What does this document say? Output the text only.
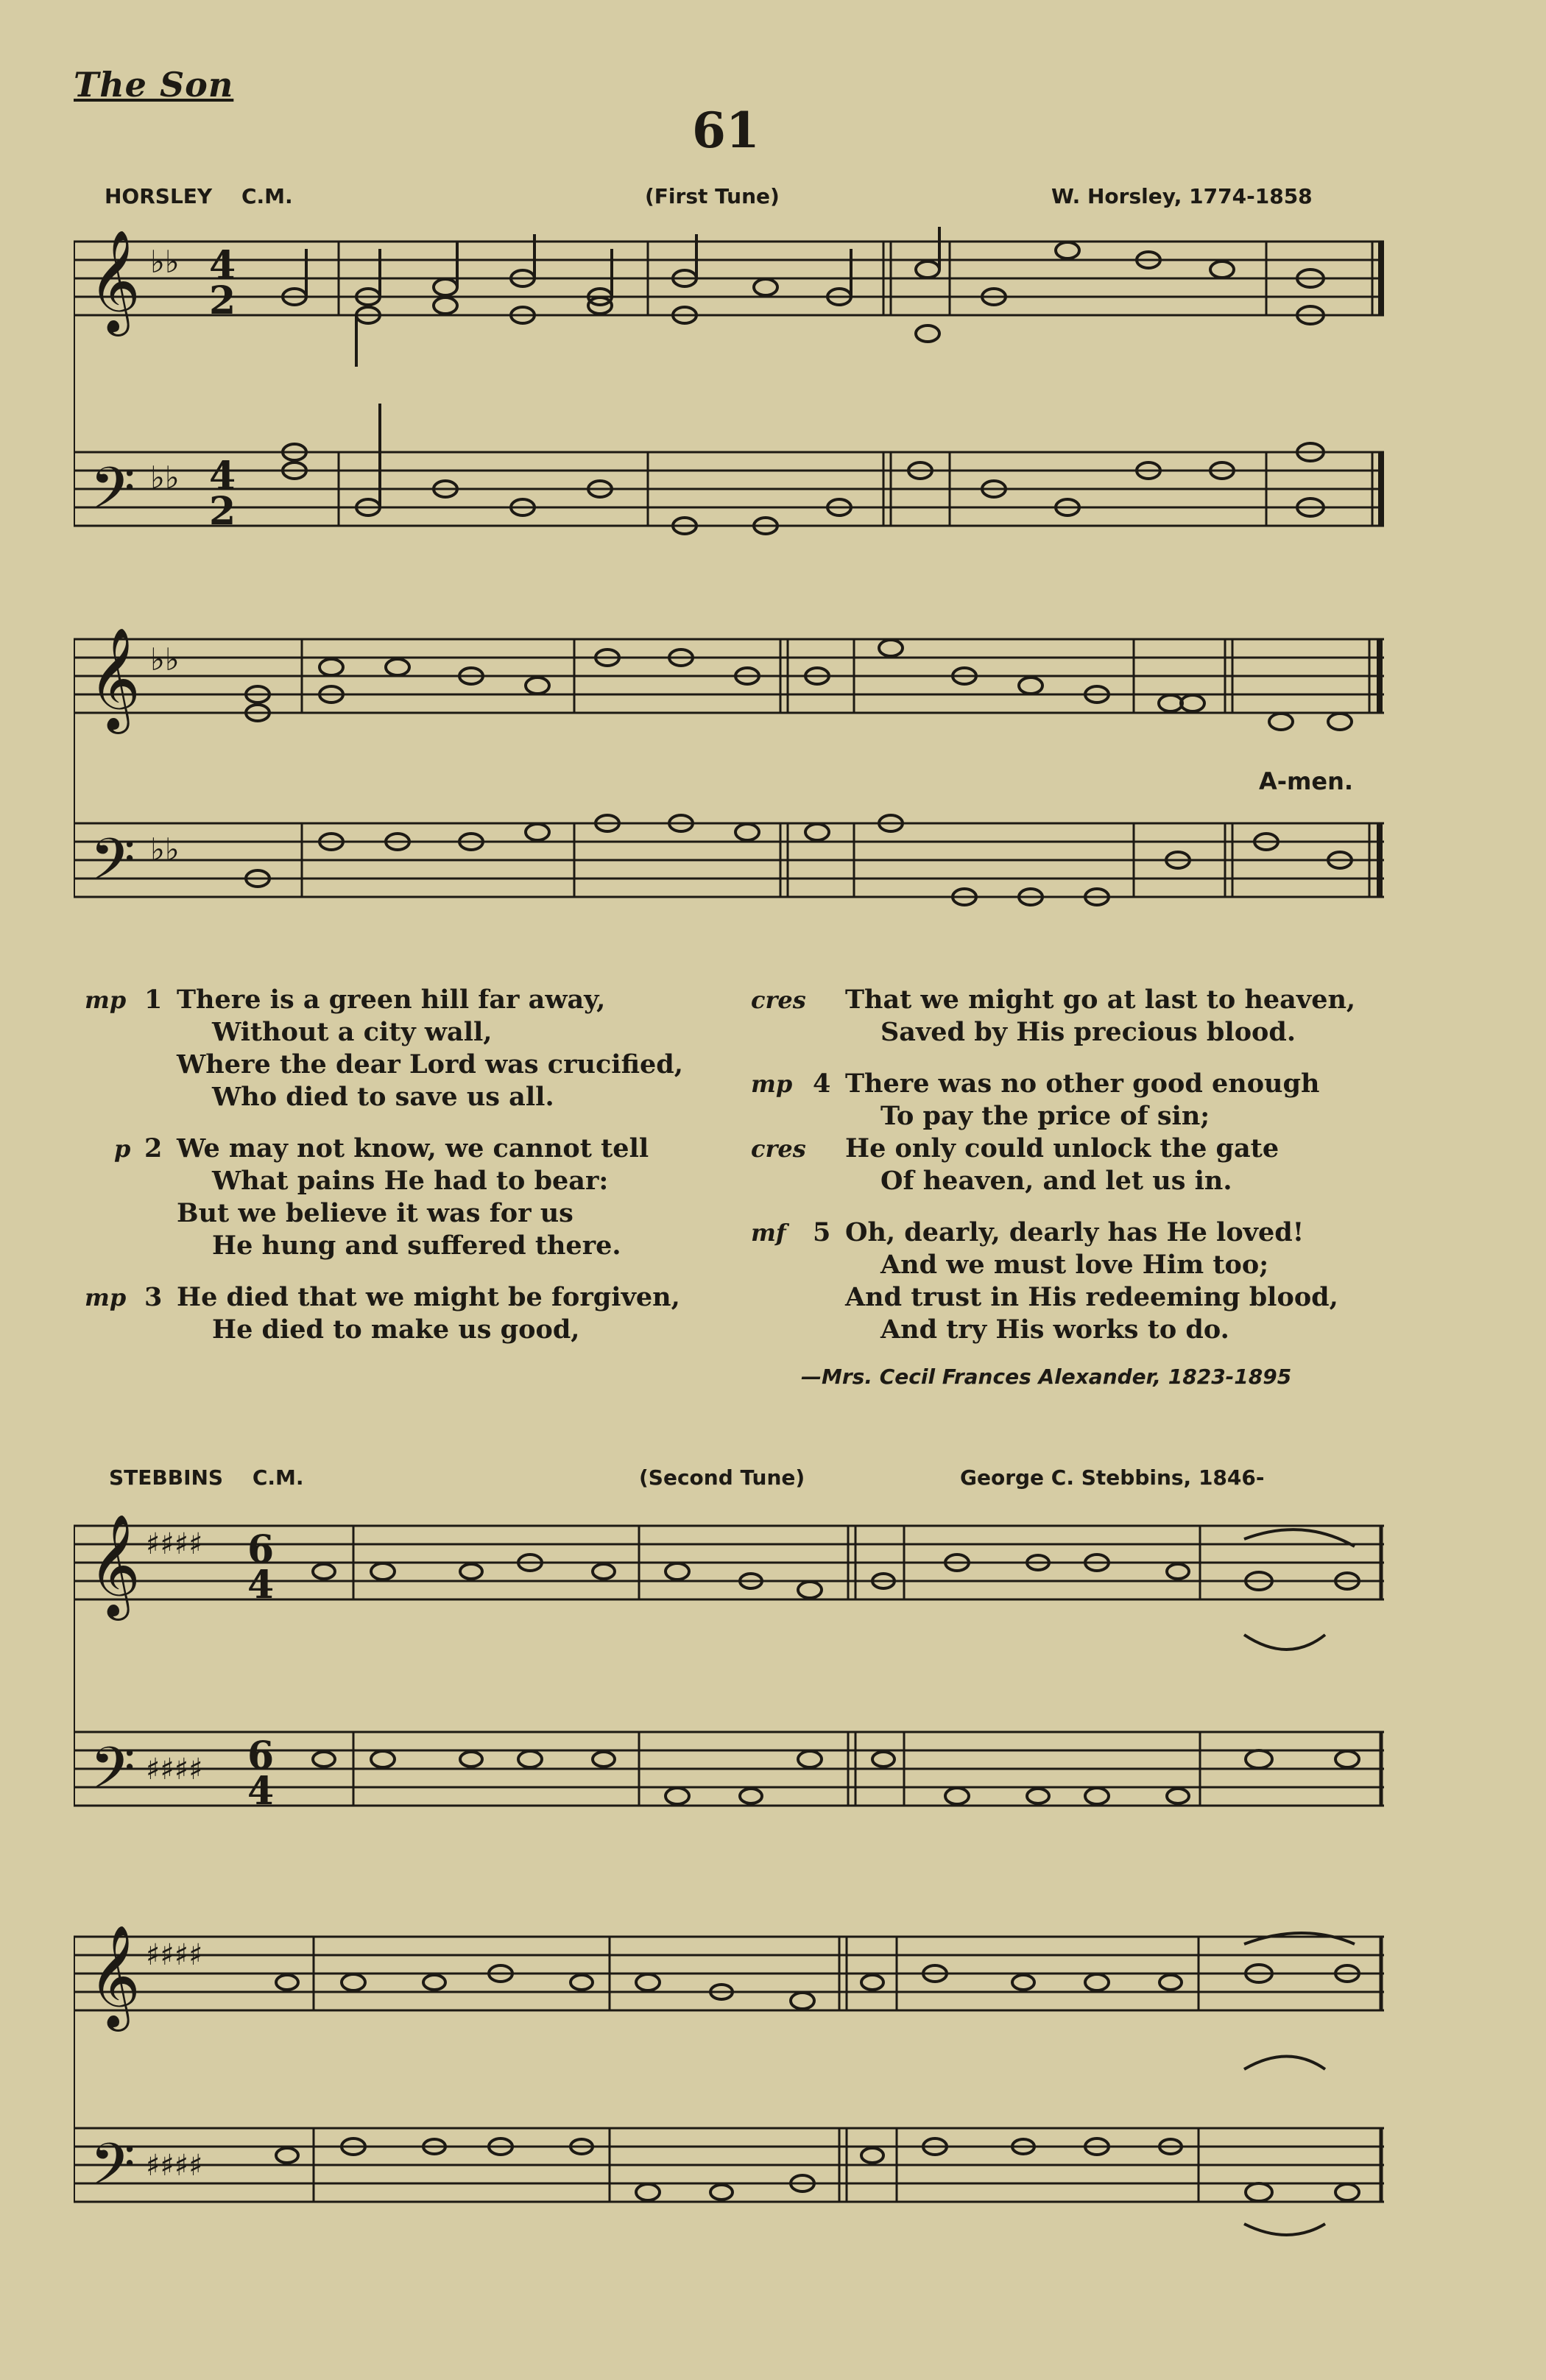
The Son
61
HORSLEY C.M.	(First Tune)	W. Horsley, 1774-1858
𝄞
𝄢
♭♭
♭♭
4
2
4
2
𝄞
𝄢
♭♭
♭♭
A-men.
mp 1 There is a green hill far away,
Without a city wall,
Where the dear Lord was crucified,
Who died to save us all.
p 2 We may not know, we cannot tell
What pains He had to bear:
But we believe it was for us
He hung and suffered there.
mp 3 He died that we might be forgiven,
He died to make us good,
cres That we might go at last to heaven,
Saved by His precious blood.
mp 4 There was no other good enough
To pay the price of sin;
cres He only could unlock the gate
Of heaven, and let us in.
mf 5 Oh, dearly, dearly has He loved!
And we must love Him too;
And trust in His redeeming blood,
And try His works to do.
—Mrs. Cecil Frances Alexander, 1823-1895
STEBBINS C.M.	(Second Tune)	George C. Stebbins, 1846-
𝄞
𝄢
♯♯♯♯
♯♯♯♯
6
4
6
4
𝄞
𝄢
♯♯♯♯
♯♯♯♯
